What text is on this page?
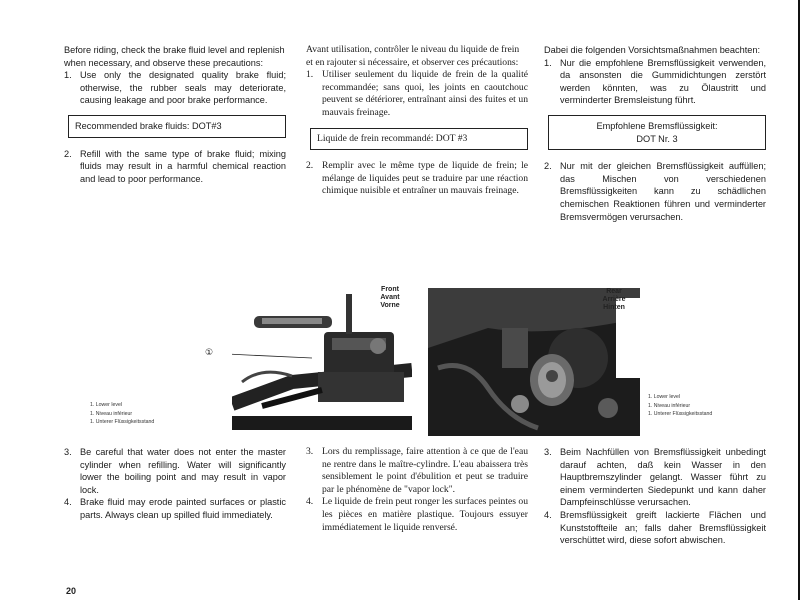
Before riding, check the brake fluid level and replenish when necessary, and observe these precautions:

1. Use only the designated quality brake fluid; otherwise, the rubber seals may deteriorate, causing leakage and poor brake performance.
Recommended brake fluids: DOT#3
2. Refill with the same type of brake fluid; mixing fluids may result in a harmful chemical reaction and lead to poor performance.

Avant utilisation, contrôler le niveau du liquide de frein et en rajouter si nécessaire, et observer ces précautions:

1. Utiliser seulement du liquide de frein de la qualité recommandée; sans quoi, les joints en caoutchouc peuvent se détériorer, entraînant ainsi des fuites et un mauvais freinage.
Liquide de frein recommandé: DOT #3
2. Remplir avec le même type de liquide de frein; le mélange de liquides peut se traduire par une réaction chimique nuisible et entraîner un mauvais freinage.

Dabei die folgenden Vorsichtsmaßnahmen beachten:

1. Nur die empfohlene Bremsflüssigkeit verwenden, da ansonsten die Gummidichtungen zerstört werden könnten, was zu Ölaustritt und verminderter Bremsleistung führt.
Empfohlene Bremsflüssigkeit:
DOT Nr. 3
2. Nur mit der gleichen Bremsflüssigkeit auffüllen; das Mischen von verschiedenen Bremsflüssigkeiten kann zu schädlichen chemischen Reaktionen führen und verminderter Bremsvermögen verursachen.
Front
Avant
Vorne
①
1. Lower level
1. Niveau inférieur
1. Unterer Flüssigkeitsstand
Rear
Arrière
Hinten
1. Lower level
1. Niveau inférieur
1. Unterer Flüssigkeitsstand
3. Be careful that water does not enter the master cylinder when refilling. Water will significantly lower the boiling point and may result in vapor lock.
4. Brake fluid may erode painted surfaces or plastic parts. Always clean up spilled fluid immediately.
3. Lors du remplissage, faire attention à ce que de l'eau ne rentre dans le maître-cylindre. L'eau abaissera très sensiblement le point d'ébulition et peut se traduire par le phénomène de "vapor lock".
4. Le liquide de frein peut ronger les surfaces peintes ou les pièces en matière plastique. Toujours essuyer immédiatement le liquide renversé.
3. Beim Nachfüllen von Bremsflüssigkeit unbedingt darauf achten, daß kein Wasser in den Hauptbremszylinder gelangt. Wasser führt zu einem verminderten Siedepunkt und kann daher Dampfeinschlüsse verursachen.
4. Bremsflüssigkeit greift lackierte Flächen und Kunststoffteile an; falls daher Bremsflüssigkeit verschüttet wird, diese sofort abwischen.
20
